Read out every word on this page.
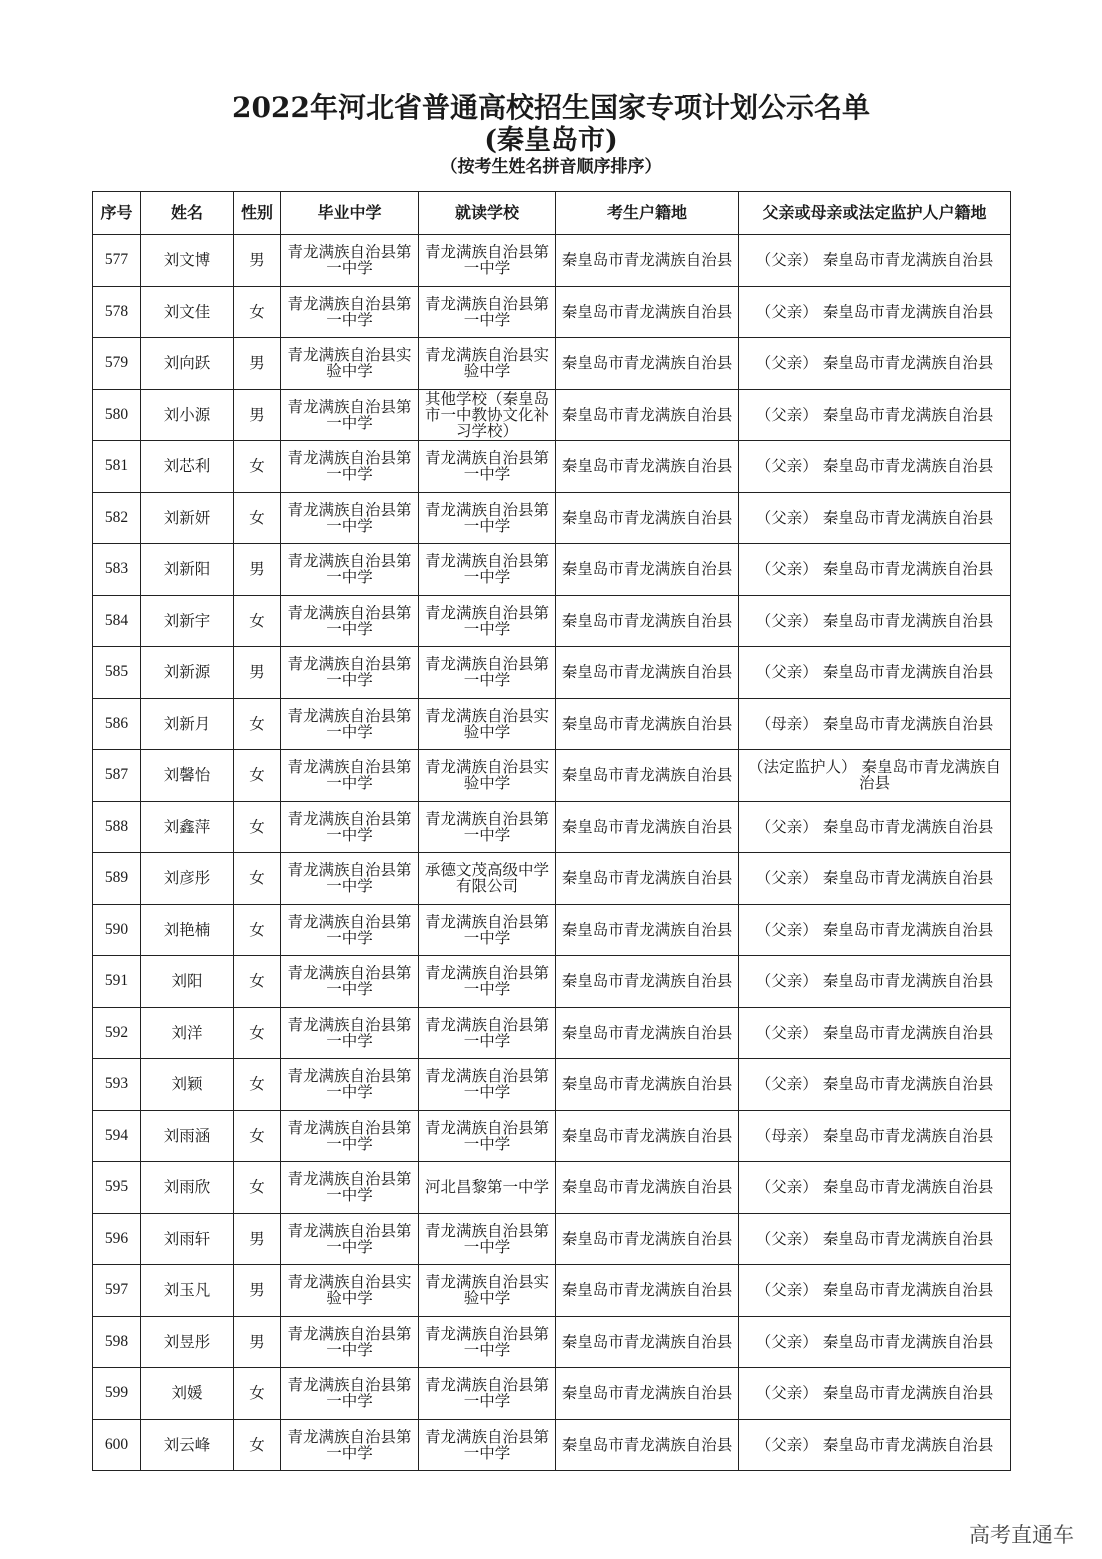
2022年河北省普通高校招生国家专项计划公示名单
(秦皇岛市)
（按考生姓名拼音顺序排序）
序号	姓名	性别	毕业中学	就读学校	考生户籍地	父亲或母亲或法定监护人户籍地
577	刘文博	男	青龙满族自治县第一中学	青龙满族自治县第一中学	秦皇岛市青龙满族自治县	（父亲） 秦皇岛市青龙满族自治县
578	刘文佳	女	青龙满族自治县第一中学	青龙满族自治县第一中学	秦皇岛市青龙满族自治县	（父亲） 秦皇岛市青龙满族自治县
579	刘向跃	男	青龙满族自治县实验中学	青龙满族自治县实验中学	秦皇岛市青龙满族自治县	（父亲） 秦皇岛市青龙满族自治县
580	刘小源	男	青龙满族自治县第一中学	其他学校（秦皇岛市一中教协文化补习学校）	秦皇岛市青龙满族自治县	（父亲） 秦皇岛市青龙满族自治县
581	刘芯利	女	青龙满族自治县第一中学	青龙满族自治县第一中学	秦皇岛市青龙满族自治县	（父亲） 秦皇岛市青龙满族自治县
582	刘新妍	女	青龙满族自治县第一中学	青龙满族自治县第一中学	秦皇岛市青龙满族自治县	（父亲） 秦皇岛市青龙满族自治县
583	刘新阳	男	青龙满族自治县第一中学	青龙满族自治县第一中学	秦皇岛市青龙满族自治县	（父亲） 秦皇岛市青龙满族自治县
584	刘新宇	女	青龙满族自治县第一中学	青龙满族自治县第一中学	秦皇岛市青龙满族自治县	（父亲） 秦皇岛市青龙满族自治县
585	刘新源	男	青龙满族自治县第一中学	青龙满族自治县第一中学	秦皇岛市青龙满族自治县	（父亲） 秦皇岛市青龙满族自治县
586	刘新月	女	青龙满族自治县第一中学	青龙满族自治县实验中学	秦皇岛市青龙满族自治县	（母亲） 秦皇岛市青龙满族自治县
587	刘馨怡	女	青龙满族自治县第一中学	青龙满族自治县实验中学	秦皇岛市青龙满族自治县	（法定监护人） 秦皇岛市青龙满族自治县
588	刘鑫萍	女	青龙满族自治县第一中学	青龙满族自治县第一中学	秦皇岛市青龙满族自治县	（父亲） 秦皇岛市青龙满族自治县
589	刘彦彤	女	青龙满族自治县第一中学	承德文茂高级中学有限公司	秦皇岛市青龙满族自治县	（父亲） 秦皇岛市青龙满族自治县
590	刘艳楠	女	青龙满族自治县第一中学	青龙满族自治县第一中学	秦皇岛市青龙满族自治县	（父亲） 秦皇岛市青龙满族自治县
591	刘阳	女	青龙满族自治县第一中学	青龙满族自治县第一中学	秦皇岛市青龙满族自治县	（父亲） 秦皇岛市青龙满族自治县
592	刘洋	女	青龙满族自治县第一中学	青龙满族自治县第一中学	秦皇岛市青龙满族自治县	（父亲） 秦皇岛市青龙满族自治县
593	刘颖	女	青龙满族自治县第一中学	青龙满族自治县第一中学	秦皇岛市青龙满族自治县	（父亲） 秦皇岛市青龙满族自治县
594	刘雨涵	女	青龙满族自治县第一中学	青龙满族自治县第一中学	秦皇岛市青龙满族自治县	（母亲） 秦皇岛市青龙满族自治县
595	刘雨欣	女	青龙满族自治县第一中学	河北昌黎第一中学	秦皇岛市青龙满族自治县	（父亲） 秦皇岛市青龙满族自治县
596	刘雨轩	男	青龙满族自治县第一中学	青龙满族自治县第一中学	秦皇岛市青龙满族自治县	（父亲） 秦皇岛市青龙满族自治县
597	刘玉凡	男	青龙满族自治县实验中学	青龙满族自治县实验中学	秦皇岛市青龙满族自治县	（父亲） 秦皇岛市青龙满族自治县
598	刘昱彤	男	青龙满族自治县第一中学	青龙满族自治县第一中学	秦皇岛市青龙满族自治县	（父亲） 秦皇岛市青龙满族自治县
599	刘媛	女	青龙满族自治县第一中学	青龙满族自治县第一中学	秦皇岛市青龙满族自治县	（父亲） 秦皇岛市青龙满族自治县
600	刘云峰	女	青龙满族自治县第一中学	青龙满族自治县第一中学	秦皇岛市青龙满族自治县	（父亲） 秦皇岛市青龙满族自治县
高考直通车
